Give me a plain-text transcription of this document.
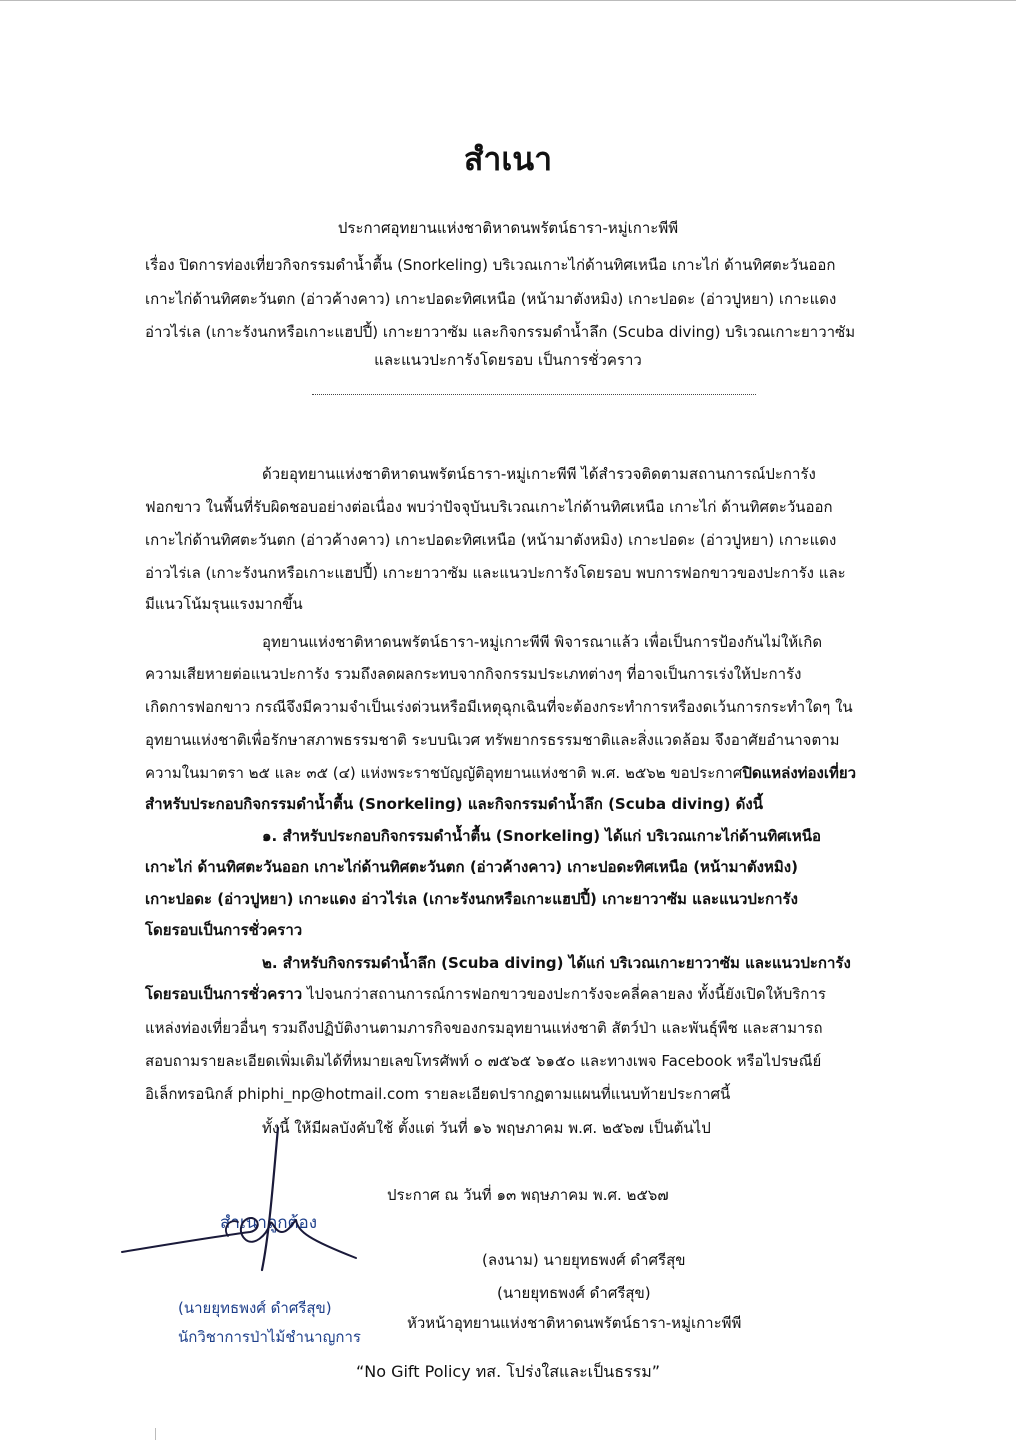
สำเนา
ประกาศอุทยานแห่งชาติหาดนพรัตน์ธารา-หมู่เกาะพีพี
เรื่อง ปิดการท่องเที่ยวกิจกรรมดำน้ำตื้น (Snorkeling) บริเวณเกาะไก่ด้านทิศเหนือ เกาะไก่ ด้านทิศตะวันออก
เกาะไก่ด้านทิศตะวันตก (อ่าวค้างคาว) เกาะปอดะทิศเหนือ (หน้ามาตังหมิง) เกาะปอดะ (อ่าวปูหยา) เกาะแดง
อ่าวไร่เล (เกาะรังนกหรือเกาะแฮปปี้) เกาะยาวาซัม และกิจกรรมดำน้ำลึก (Scuba diving) บริเวณเกาะยาวาซัม
และแนวปะการังโดยรอบ เป็นการชั่วคราว
ด้วยอุทยานแห่งชาติหาดนพรัตน์ธารา-หมู่เกาะพีพี ได้สำรวจติดตามสถานการณ์ปะการัง
ฟอกขาว ในพื้นที่รับผิดชอบอย่างต่อเนื่อง พบว่าปัจจุบันบริเวณเกาะไก่ด้านทิศเหนือ เกาะไก่ ด้านทิศตะวันออก
เกาะไก่ด้านทิศตะวันตก (อ่าวค้างคาว) เกาะปอดะทิศเหนือ (หน้ามาตังหมิง) เกาะปอดะ (อ่าวปูหยา) เกาะแดง
อ่าวไร่เล (เกาะรังนกหรือเกาะแฮปปี้) เกาะยาวาซัม และแนวปะการังโดยรอบ พบการฟอกขาวของปะการัง และ
มีแนวโน้มรุนแรงมากขึ้น
อุทยานแห่งชาติหาดนพรัตน์ธารา-หมู่เกาะพีพี พิจารณาแล้ว เพื่อเป็นการป้องกันไม่ให้เกิด
ความเสียหายต่อแนวปะการัง รวมถึงลดผลกระทบจากกิจกรรมประเภทต่างๆ ที่อาจเป็นการเร่งให้ปะการัง
เกิดการฟอกขาว กรณีจึงมีความจำเป็นเร่งด่วนหรือมีเหตุฉุกเฉินที่จะต้องกระทำการหรืองดเว้นการกระทำใดๆ ใน
อุทยานแห่งชาติเพื่อรักษาสภาพธรรมชาติ ระบบนิเวศ ทรัพยากรธรรมชาติและสิ่งแวดล้อม จึงอาศัยอำนาจตาม
ความในมาตรา ๒๕ และ ๓๕ (๔) แห่งพระราชบัญญัติอุทยานแห่งชาติ พ.ศ. ๒๕๖๒ ขอประกาศปิดแหล่งท่องเที่ยว
สำหรับประกอบกิจกรรมดำน้ำตื้น (Snorkeling) และกิจกรรมดำน้ำลึก (Scuba diving) ดังนี้
๑. สำหรับประกอบกิจกรรมดำน้ำตื้น (Snorkeling) ได้แก่ บริเวณเกาะไก่ด้านทิศเหนือ
เกาะไก่ ด้านทิศตะวันออก เกาะไก่ด้านทิศตะวันตก (อ่าวค้างคาว) เกาะปอดะทิศเหนือ (หน้ามาตังหมิง)
เกาะปอดะ (อ่าวปูหยา) เกาะแดง อ่าวไร่เล (เกาะรังนกหรือเกาะแฮปปี้) เกาะยาวาซัม และแนวปะการัง
โดยรอบเป็นการชั่วคราว
๒. สำหรับกิจกรรมดำน้ำลึก (Scuba diving) ได้แก่ บริเวณเกาะยาวาซัม และแนวปะการัง
โดยรอบเป็นการชั่วคราว ไปจนกว่าสถานการณ์การฟอกขาวของปะการังจะคลี่คลายลง ทั้งนี้ยังเปิดให้บริการ
แหล่งท่องเที่ยวอื่นๆ รวมถึงปฏิบัติงานตามภารกิจของกรมอุทยานแห่งชาติ สัตว์ป่า และพันธุ์พืช และสามารถ
สอบถามรายละเอียดเพิ่มเติมได้ที่หมายเลขโทรศัพท์ ๐ ๗๕๖๕ ๖๑๕๐ และทางเพจ Facebook หรือไปรษณีย์
อิเล็กทรอนิกส์ phiphi_np@hotmail.com รายละเอียดปรากฏตามแผนที่แนบท้ายประกาศนี้
ทั้งนี้ ให้มีผลบังคับใช้ ตั้งแต่ วันที่ ๑๖ พฤษภาคม พ.ศ. ๒๕๖๗ เป็นต้นไป
ประกาศ ณ วันที่ ๑๓ พฤษภาคม พ.ศ. ๒๕๖๗
(ลงนาม) นายยุทธพงศ์ ดำศรีสุข
(นายยุทธพงศ์ ดำศรีสุข)
หัวหน้าอุทยานแห่งชาติหาดนพรัตน์ธารา-หมู่เกาะพีพี
สำเนาถูกต้อง
(นายยุทธพงศ์ ดำศรีสุข)
นักวิชาการป่าไม้ชำนาญการ
“No Gift Policy ทส. โปร่งใสและเป็นธรรม”
